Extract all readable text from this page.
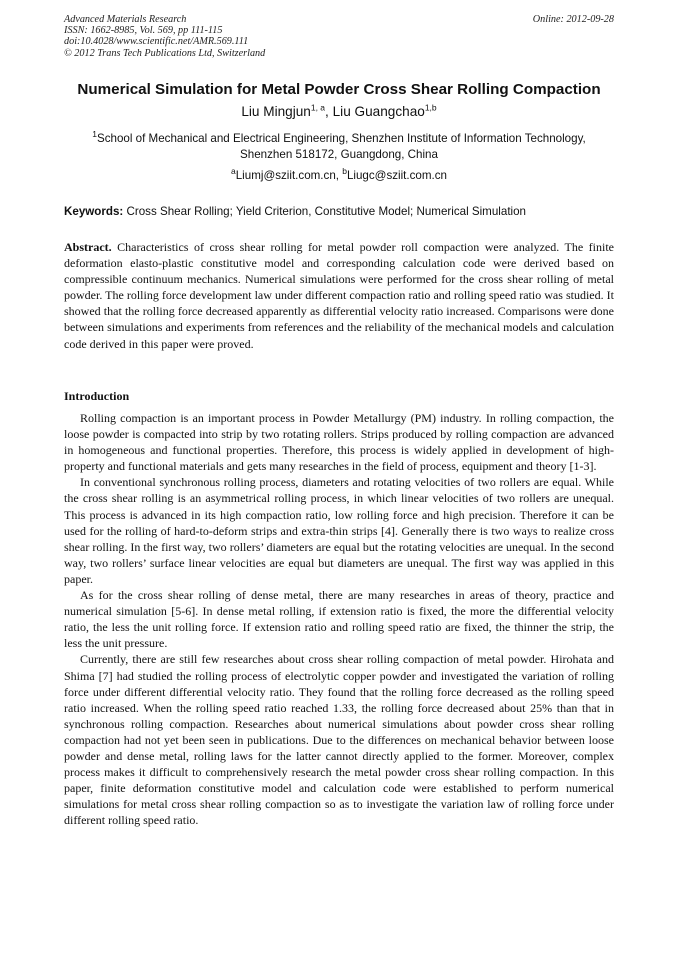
Advanced Materials Research
ISSN: 1662-8985, Vol. 569, pp 111-115
doi:10.4028/www.scientific.net/AMR.569.111
© 2012 Trans Tech Publications Ltd, Switzerland
Online: 2012-09-28
Numerical Simulation for Metal Powder Cross Shear Rolling Compaction
Liu Mingjun$^{1, a}$, Liu Guangchao$^{1,b}$
$^1$School of Mechanical and Electrical Engineering, Shenzhen Institute of Information Technology,
Shenzhen 518172, Guangdong, China
$^a$Liumj@sziit.com.cn, $^b$Liugc@sziit.com.cn
Keywords: Cross Shear Rolling; Yield Criterion, Constitutive Model; Numerical Simulation
Abstract. Characteristics of cross shear rolling for metal powder roll compaction were analyzed. The finite deformation elasto-plastic constitutive model and corresponding calculation code were derived based on compressible continuum mechanics. Numerical simulations were performed for the cross shear rolling of metal powder. The rolling force development law under different compaction ratio and rolling speed ratio was studied. It showed that the rolling force decreased apparently as differential velocity ratio increased. Comparisons were done between simulations and experiments from references and the reliability of the mechanical models and calculation code derived in this paper were proved.
Introduction

Rolling compaction is an important process in Powder Metallurgy (PM) industry. In rolling compaction, the loose powder is compacted into strip by two rotating rollers. Strips produced by rolling compaction are advanced in homogeneous and functional properties. Therefore, this process is widely applied in development of high-property and functional materials and gets many researches in the field of process, equipment and theory [1-3].

In conventional synchronous rolling process, diameters and rotating velocities of two rollers are equal. While the cross shear rolling is an asymmetrical rolling process, in which linear velocities of two rollers are unequal. This process is advanced in its high compaction ratio, low rolling force and high precision. Therefore it can be used for the rolling of hard-to-deform strips and extra-thin strips [4]. Generally there is two ways to realize cross shear rolling. In the first way, two rollers’ diameters are equal but the rotating velocities are unequal. In the second way, two rollers’ surface linear velocities are equal but diameters are unequal. The first way was applied in this paper.

As for the cross shear rolling of dense metal, there are many researches in areas of theory, practice and numerical simulation [5-6]. In dense metal rolling, if extension ratio is fixed, the more the differential velocity ratio, the less the unit rolling force. If extension ratio and rolling speed ratio are fixed, the thinner the strip, the less the unit pressure.

Currently, there are still few researches about cross shear rolling compaction of metal powder. Hirohata and Shima [7] had studied the rolling process of electrolytic copper powder and investigated the variation of rolling force under different differential velocity ratio. They found that the rolling force decreased as the rolling speed ratio increased. When the rolling speed ratio reached 1.33, the rolling force decreased about 25% than that in synchronous rolling compaction. Researches about numerical simulations about powder cross shear rolling compaction had not yet been seen in publications. Due to the differences on mechanical behavior between loose powder and dense metal, rolling laws for the latter cannot directly applied to the former. Moreover, complex process makes it difficult to comprehensively research the metal powder cross shear rolling compaction. In this paper, finite deformation constitutive model and calculation code were established to perform numerical simulations for metal cross shear rolling compaction so as to investigate the variation law of rolling force under different rolling speed ratio.
